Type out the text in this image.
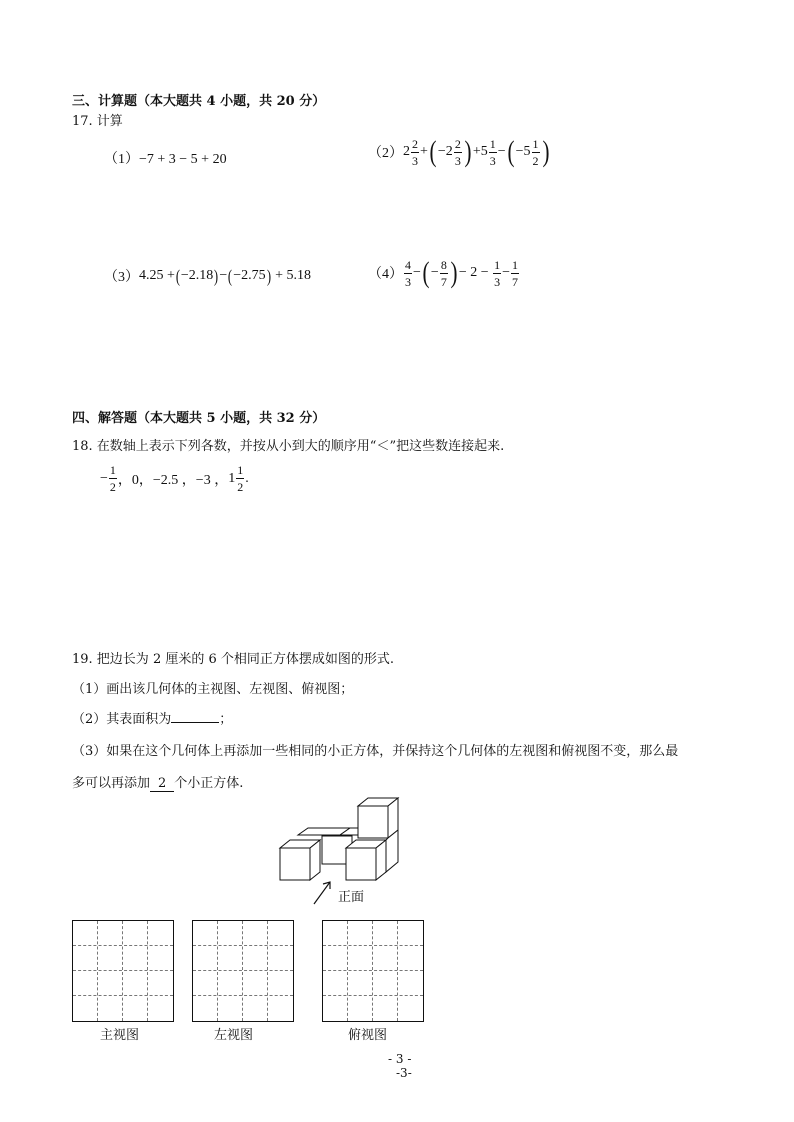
三、计算题（本大题共 4 小题，共 20 分）
17. 计算
（1）−7 + 3 − 5 + 20	（2） $2 \frac{2}{3}$ + ( $-2 \frac{2}{3}$ ) + $5 \frac{1}{3}$ − ( $-5 \frac{1}{2}$ )
（3） 4.25
+ ( −2.18 ) − ( −2.75 )
+ 5.18	$(4) \frac{4}{3}$ − ( − $\frac{8}{7}$ ) − 2 −
$\frac{1}{3} - \frac{1}{7}$
四、解答题（本大题共 5 小题，共 32 分）
18. 在数轴上表示下列各数，并按从小到大的顺序用“＜”把这些数连接起来.
− $\frac{1}{2}$ ，0，−2.5 ，−3 ， $1 \frac{1}{2}$ .
19. 把边长为 2 厘米的 6 个相同正方体摆成如图的形式.
（1）画出该几何体的主视图、左视图、俯视图；
（2）其表面积为	；
（3）如果在这个几何体上再添加一些相同的小正方体，并保持这个几何体的左视图和俯视图不变，那么最
多可以再添加 2 个小正方体.
正面
主视图	左视图	俯视图
- 3 -
-3-
